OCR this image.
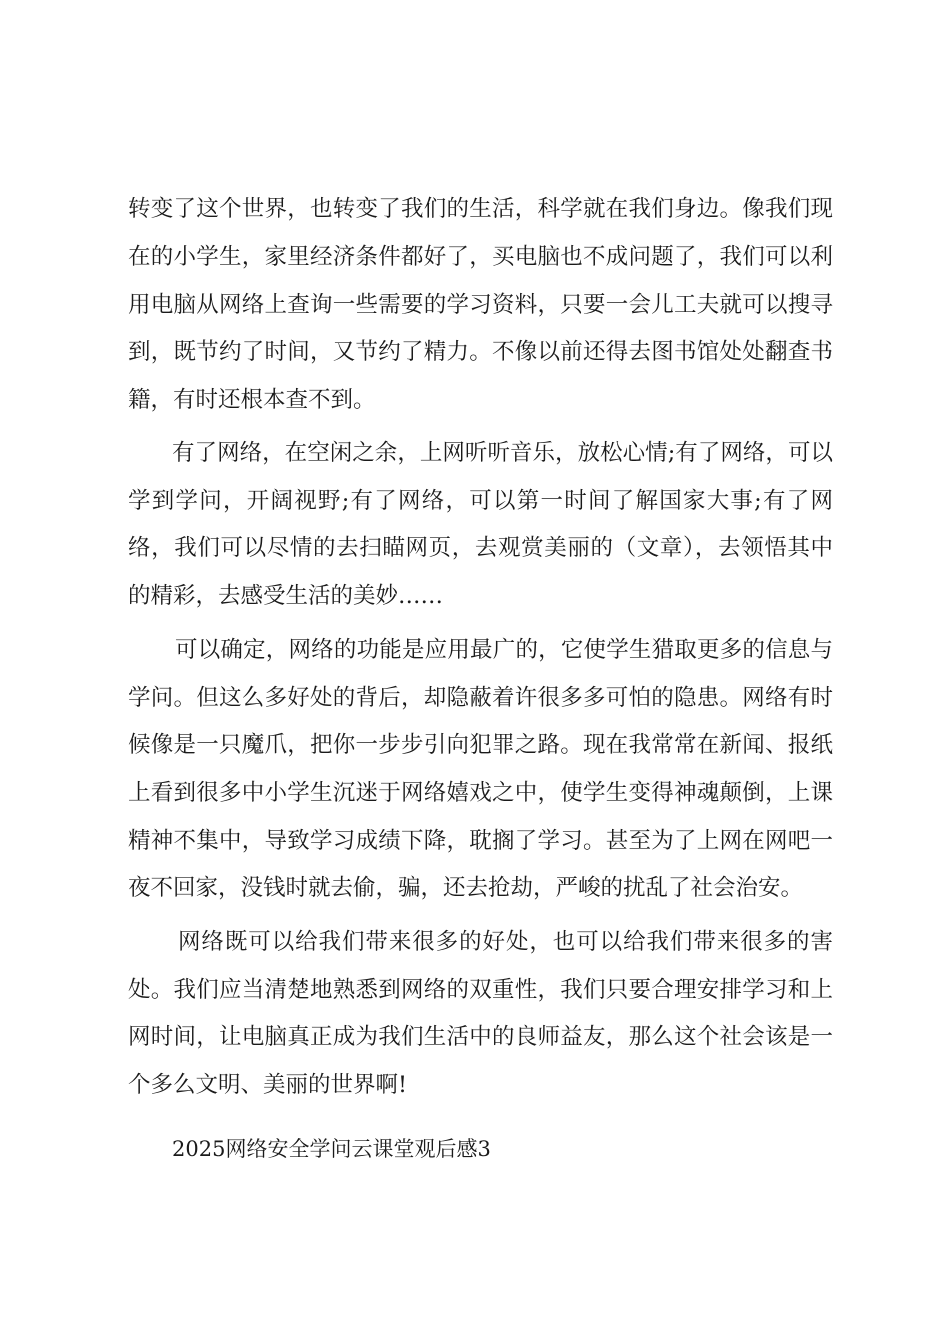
转变了这个世界，也转变了我们的生活，科学就在我们身边。像我们现
在的小学生，家里经济条件都好了，买电脑也不成问题了，我们可以利
用电脑从网络上查询一些需要的学习资料，只要一会儿工夫就可以搜寻
到，既节约了时间，又节约了精力。不像以前还得去图书馆处处翻查书
籍，有时还根本查不到。
有了网络，在空闲之余，上网听听音乐，放松心情;有了网络，可以
学到学问，开阔视野;有了网络，可以第一时间了解国家大事;有了网
络，我们可以尽情的去扫瞄网页，去观赏美丽的（文章），去领悟其中
的精彩，去感受生活的美妙……
可以确定，网络的功能是应用最广的，它使学生猎取更多的信息与
学问。但这么多好处的背后，却隐蔽着许很多多可怕的隐患。网络有时
候像是一只魔爪，把你一步步引向犯罪之路。现在我常常在新闻、报纸
上看到很多中小学生沉迷于网络嬉戏之中，使学生变得神魂颠倒，上课
精神不集中，导致学习成绩下降，耽搁了学习。甚至为了上网在网吧一
夜不回家，没钱时就去偷，骗，还去抢劫，严峻的扰乱了社会治安。
网络既可以给我们带来很多的好处，也可以给我们带来很多的害
处。我们应当清楚地熟悉到网络的双重性，我们只要合理安排学习和上
网时间，让电脑真正成为我们生活中的良师益友，那么这个社会该是一
个多么文明、美丽的世界啊!
2025网络安全学问云课堂观后感3
